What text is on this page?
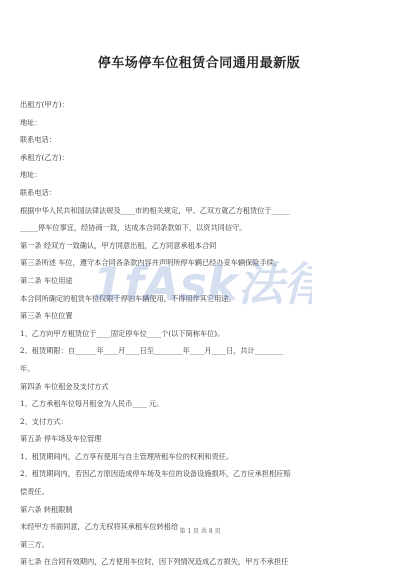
停车场停车位租赁合同通用最新版
出租方(甲方)：
地址：
联系电话：
承租方(乙方)：
地址：
联系电话：
根据中华人民共和国法律法规及____市的相关规定，甲、乙双方就乙方租赁位于_____
_____停车位事宜，经协商一致，达成本合同条款如下，以资共同信守。
第一条 经双方一致确认，甲方同意出租，乙方同意承租本合同
第三条所述 车位，遵守本合同各条款内容并声明所停车辆已经办妥车辆保险手续。
第二条 车位用途
本合同所确定的租赁车位仅限于停泊车辆使用，不得用作其它用途。
第三条 车位位置
1、乙方向甲方租赁位于____固定停车位____个(以下简称车位)。
2、租赁期限：自______年____月____日至________年____月____日，共计________
年。
第四条 车位租金及支付方式
1、乙方承租车位每月租金为人民币____ 元。
2、支付方式：
第五条 停车场及车位管理
1、租赁期间内，乙方享有使用与自主管理所租车位的权利和责任。
2、租赁期间内，若因乙方原因造成停车场及车位的设备设施损坏，乙方应承担相应赔
偿责任。
第六条 转租限制
未经甲方书面同意，乙方无权将其承租车位转租给
第三方。
第七条 在合同有效期内，乙方使用车位时，因下列情况造成乙方损失，甲方不承担任
1fAsk法
第 1 页 共 8 页
